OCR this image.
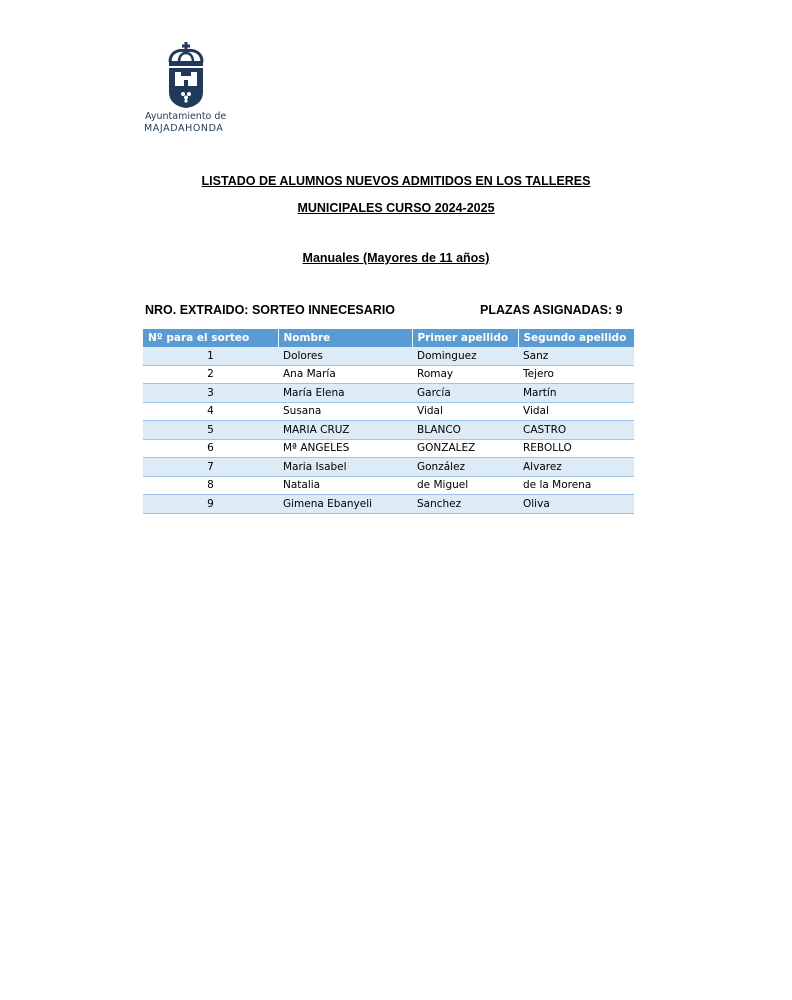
Ayuntamiento de
MAJADAHONDA
LISTADO DE ALUMNOS NUEVOS ADMITIDOS EN LOS TALLERES
MUNICIPALES CURSO 2024-2025
Manuales (Mayores de 11 años)
NRO. EXTRAIDO: SORTEO INNECESARIO	PLAZAS ASIGNADAS: 9
Nº para el sorteo	Nombre	Primer apellido	Segundo apellido
1	Dolores	Dominguez	Sanz
2	Ana María	Romay	Tejero
3	María Elena	García	Martín
4	Susana	Vidal	Vidal
5	MARIA CRUZ	BLANCO	CASTRO
6	Mª ANGELES	GONZALEZ	REBOLLO
7	Maria Isabel	González	Alvarez
8	Natalia	de Miguel	de la Morena
9	Gimena Ebanyeli	Sanchez	Oliva
